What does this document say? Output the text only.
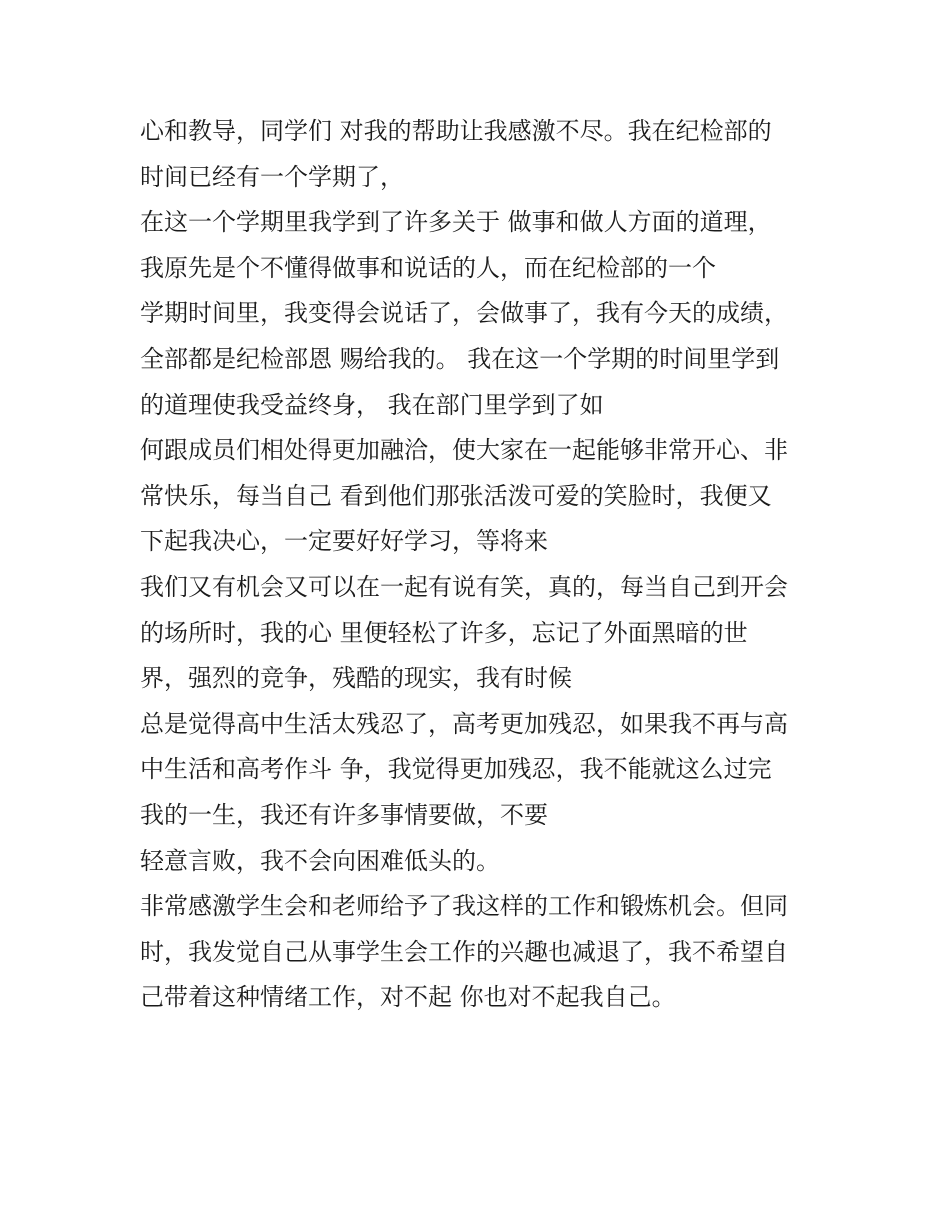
心和教导，同学们 对我的帮助让我感激不尽。我在纪检部的
时间已经有一个学期了，
在这一个学期里我学到了许多关于 做事和做人方面的道理，
我原先是个不懂得做事和说话的人，而在纪检部的一个
学期时间里，我变得会说话了，会做事了，我有今天的成绩，
全部都是纪检部恩 赐给我的。 我在这一个学期的时间里学到
的道理使我受益终身， 我在部门里学到了如
何跟成员们相处得更加融洽，使大家在一起能够非常开心、非
常快乐，每当自己 看到他们那张活泼可爱的笑脸时，我便又
下起我决心，一定要好好学习，等将来
我们又有机会又可以在一起有说有笑，真的，每当自己到开会
的场所时，我的心 里便轻松了许多，忘记了外面黑暗的世
界，强烈的竞争，残酷的现实，我有时候
总是觉得高中生活太残忍了，高考更加残忍，如果我不再与高
中生活和高考作斗 争，我觉得更加残忍，我不能就这么过完
我的一生，我还有许多事情要做，不要
轻意言败，我不会向困难低头的。
非常感激学生会和老师给予了我这样的工作和锻炼机会。但同
时，我发觉自己从事学生会工作的兴趣也减退了，我不希望自
己带着这种情绪工作，对不起 你也对不起我自己。
